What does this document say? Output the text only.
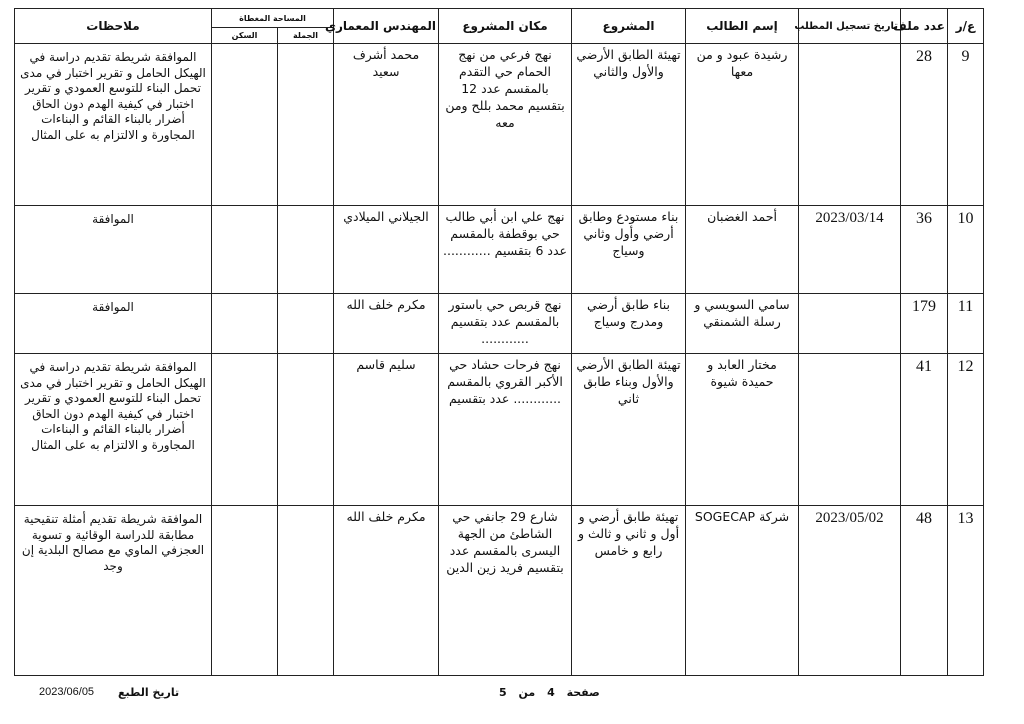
ع/ر	عدد ملف	تاريخ تسجيل المطلب	إسم الطالب	المشروع	مكان المشروع	المهندس المعماري	المساحة المغطاة		ملاحظات
							الجملة	السكن	
9	28		رشيدة عبود و من معها	تهيئة الطابق الأرضي والأول والثاني	نهج فرعي من نهج الحمام حي التقدم بالمقسم عدد 12 بتقسيم محمد بللح ومن معه	محمد أشرف سعيد			الموافقة شريطة تقديم دراسة في الهيكل الحامل و تقرير اختبار في مدى تحمل البناء للتوسع العمودي و تقرير اختبار في كيفية الهدم دون الحاق أضرار بالبناء القائم و البناءات المجاورة و الالتزام به على المثال
10	36	2023/03/14	أحمد الغضبان	بناء مستودع وطابق أرضي وأول وثاني وسياج	نهج علي ابن أبي طالب حي بوقطفة بالمقسم عدد 6 بتقسيم ............	الجيلاني الميلادي			الموافقة
11	179		سامي السويسي و رسلة الشمنقي	بناء طابق أرضي ومدرج وسياج	نهج قربص حي باستور بالمقسم عدد بتقسيم ............	مكرم خلف الله			الموافقة
12	41		مختار العابد و حميدة شيوة	تهيئة الطابق الأرضي والأول وبناء طابق ثاني	نهج فرحات حشاد حي الأكبر القروي بالمقسم ............ عدد بتقسيم	سليم قاسم			الموافقة شريطة تقديم دراسة في الهيكل الحامل و تقرير اختبار في مدى تحمل البناء للتوسع العمودي و تقرير اختبار في كيفية الهدم دون الحاق أضرار بالبناء القائم و البناءات المجاورة و الالتزام به على المثال
13	48	2023/05/02	شركة SOGECAP	تهيئة طابق أرضي و أول و ثاني و ثالث و رابع و خامس	شارع 29 جانفي حي الشاطئ من الجهة اليسرى بالمقسم عدد بتقسيم فريد زين الدين	مكرم خلف الله			الموافقة شريطة تقديم أمثلة تنقيحية مطابقة للدراسة الوقائية و تسوية العجزفي الماوي مع مصالح البلدية إن وجد
صفحة 4 من 5
تاريخ الطبع
2023/06/05
